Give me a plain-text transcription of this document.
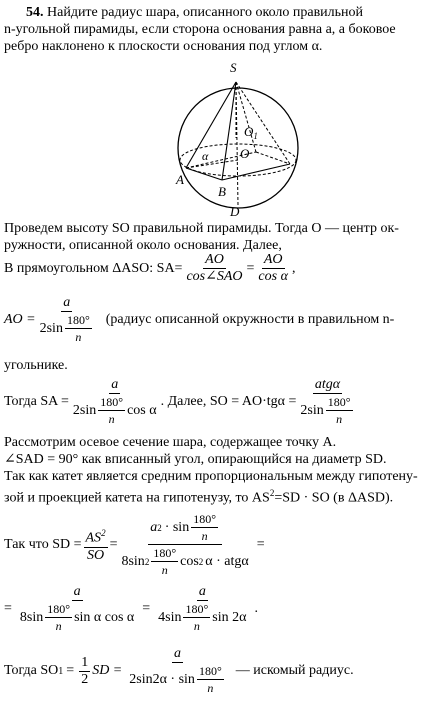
54. Найдите радиус шара, описанного около правильной
n-угольной пирамиды, если сторона основания равна a, а боковое
ребро наклонено к плоскости основания под углом α.
S
$O_1$
O
α
A
B
D
Проведем высоту SO правильной пирамиды. Тогда O — центр ок-
ружности, описанной около основания. Далее,
В прямоугольном ΔASO: $SA= \frac{AO}{\text{cos∠SAO}} = \frac{AO}{\text{cos α}}$ ,
AO = $\frac{a}{2\sin \frac{180^\circ}{n}}$ (радиус описанной окружности в правильном n-
угольнике.
Тогда SA = $\frac{a}{2\sin \frac{180^\circ}{n} \cos \alpha}$ . Далее, SO = $AO\cdot tg\alpha = \frac{\text{atgα}}{2\sin \frac{180^\circ}{n}}$
Рассмотрим осевое сечение шара, содержащее точку A.
∠SAD = 90° как вписанный угол, опирающийся на диаметр SD.
Так как катет является средним пропорциональным между гипотену-
зой и проекцией катета на гипотенузу, то $AS^2=SD$ · SO (в ΔASD).
Так что SD = $\frac{AS^2}{SO}$ =
a $2 \cdot \sin \frac{180^\circ}{n}$
8sin $2 \frac{180^\circ}{n}$ cos 2 α · atgα
=
= $\frac{a}{8\sin \frac{180^\circ}{n} \sin \alpha \cos \alpha} = \frac{a}{4\sin \frac{180^\circ}{n} \sin 2\alpha}$ .
Тогда SO $1 = \frac{1}{2}$ SD = $\frac{a}{2\sin 2\alpha \cdot \sin \frac{180^\circ}{n}}$ — искомый радиус.
